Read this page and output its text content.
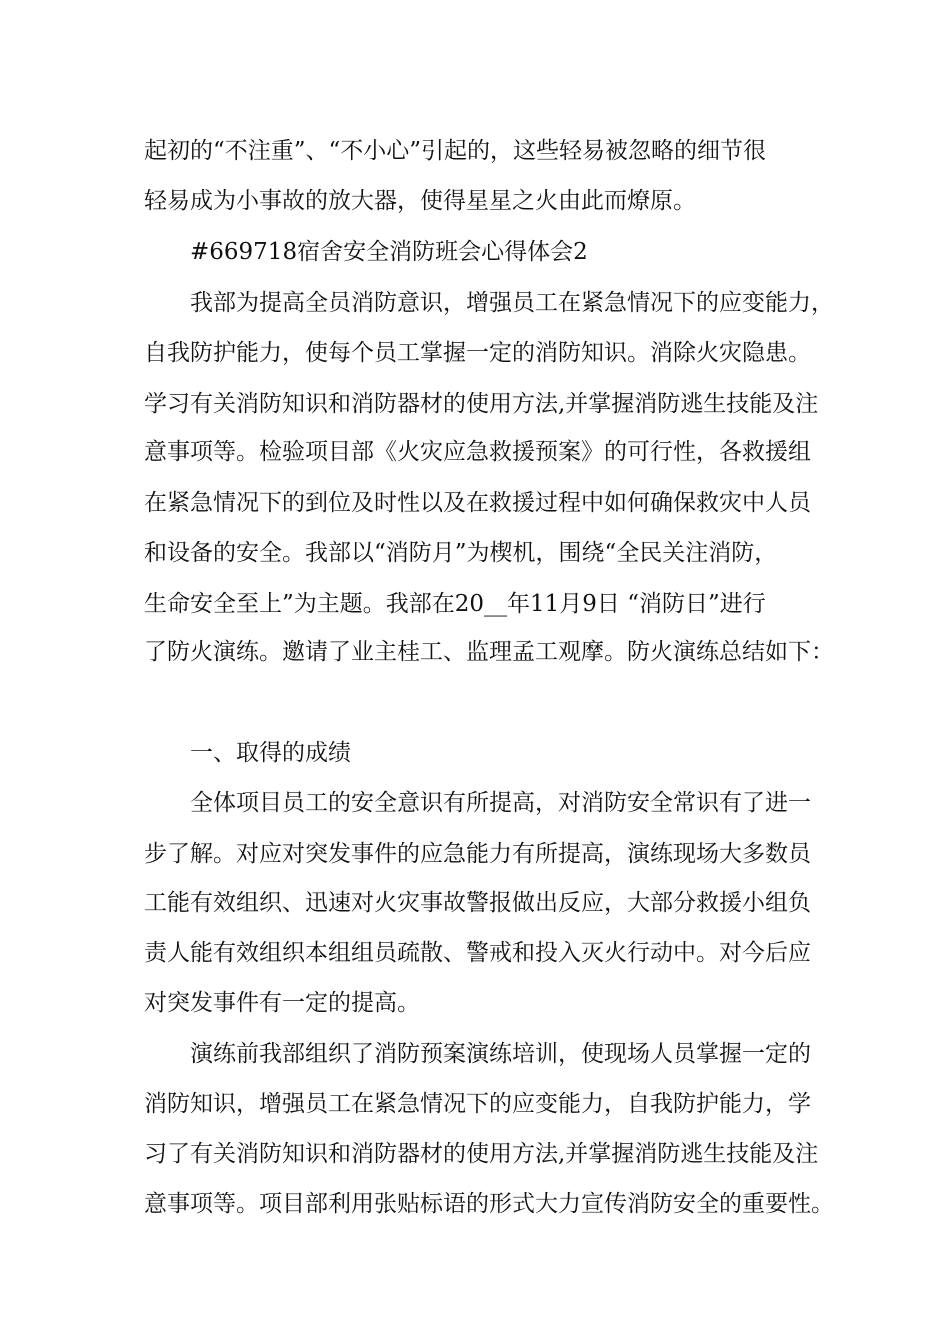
起初的“不注重”、“不小心”引起的，这些轻易被忽略的细节很
轻易成为小事故的放大器，使得星星之火由此而燎原。
#669718宿舍安全消防班会心得体会2
我部为提高全员消防意识，增强员工在紧急情况下的应变能力，
自我防护能力，使每个员工掌握一定的消防知识。消除火灾隐患。
学习有关消防知识和消防器材的使用方法,并掌握消防逃生技能及注
意事项等。检验项目部《火灾应急救援预案》的可行性，各救援组
在紧急情况下的到位及时性以及在救援过程中如何确保救灾中人员
和设备的安全。我部以“消防月”为楔机，围绕“全民关注消防，
生命安全至上”为主题。我部在20__年11月9日 “消防日”进行
了防火演练。邀请了业主桂工、监理孟工观摩。防火演练总结如下：
一、取得的成绩
全体项目员工的安全意识有所提高，对消防安全常识有了进一
步了解。对应对突发事件的应急能力有所提高，演练现场大多数员
工能有效组织、迅速对火灾事故警报做出反应，大部分救援小组负
责人能有效组织本组组员疏散、警戒和投入灭火行动中。对今后应
对突发事件有一定的提高。
演练前我部组织了消防预案演练培训，使现场人员掌握一定的
消防知识，增强员工在紧急情况下的应变能力，自我防护能力，学
习了有关消防知识和消防器材的使用方法,并掌握消防逃生技能及注
意事项等。项目部利用张贴标语的形式大力宣传消防安全的重要性。
